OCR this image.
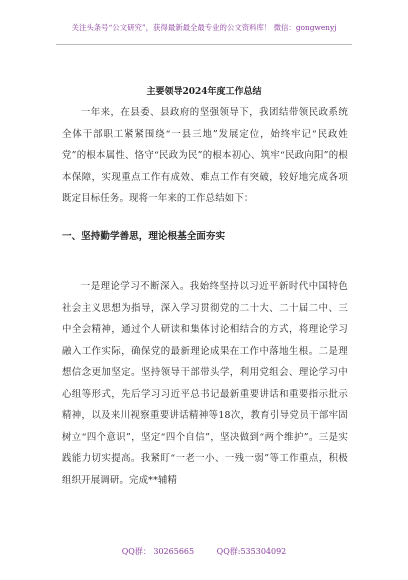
关注头条号“公文研究”，获得最新最全最专业的公文资料库！ 微信：gongwenyj
主要领导2024年度工作总结
一年来，在县委、县政府的坚强领导下，我团结带领民政系统全体干部职工紧紧围绕“一县三地”发展定位，始终牢记“民政姓党”的根本属性、恪守“民政为民”的根本初心、筑牢“民政向阳”的根本保障，实现重点工作有成效、难点工作有突破，较好地完成各项既定目标任务。现将一年来的工作总结如下：
一、坚持勤学善思，理论根基全面夯实
一是理论学习不断深入。我始终坚持以习近平新时代中国特色社会主义思想为指导，深入学习贯彻党的二十大、二十届二中、三中全会精神，通过个人研读和集体讨论相结合的方式，将理论学习融入工作实际，确保党的最新理论成果在工作中落地生根。二是理想信念更加坚定。坚持领导干部带头学，利用党组会、理论学习中心组等形式，先后学习习近平总书记最新重要讲话和重要指示批示精神，以及来川视察重要讲话精神等18次，教育引导党员干部牢固树立“四个意识”，坚定“四个自信”，坚决做到“两个维护”。三是实践能力切实提高。我紧盯“一老一小、一残一弱”等工作重点，积极组织开展调研。完成**辅精
QQ群： 30265665	QQ群:535304092
